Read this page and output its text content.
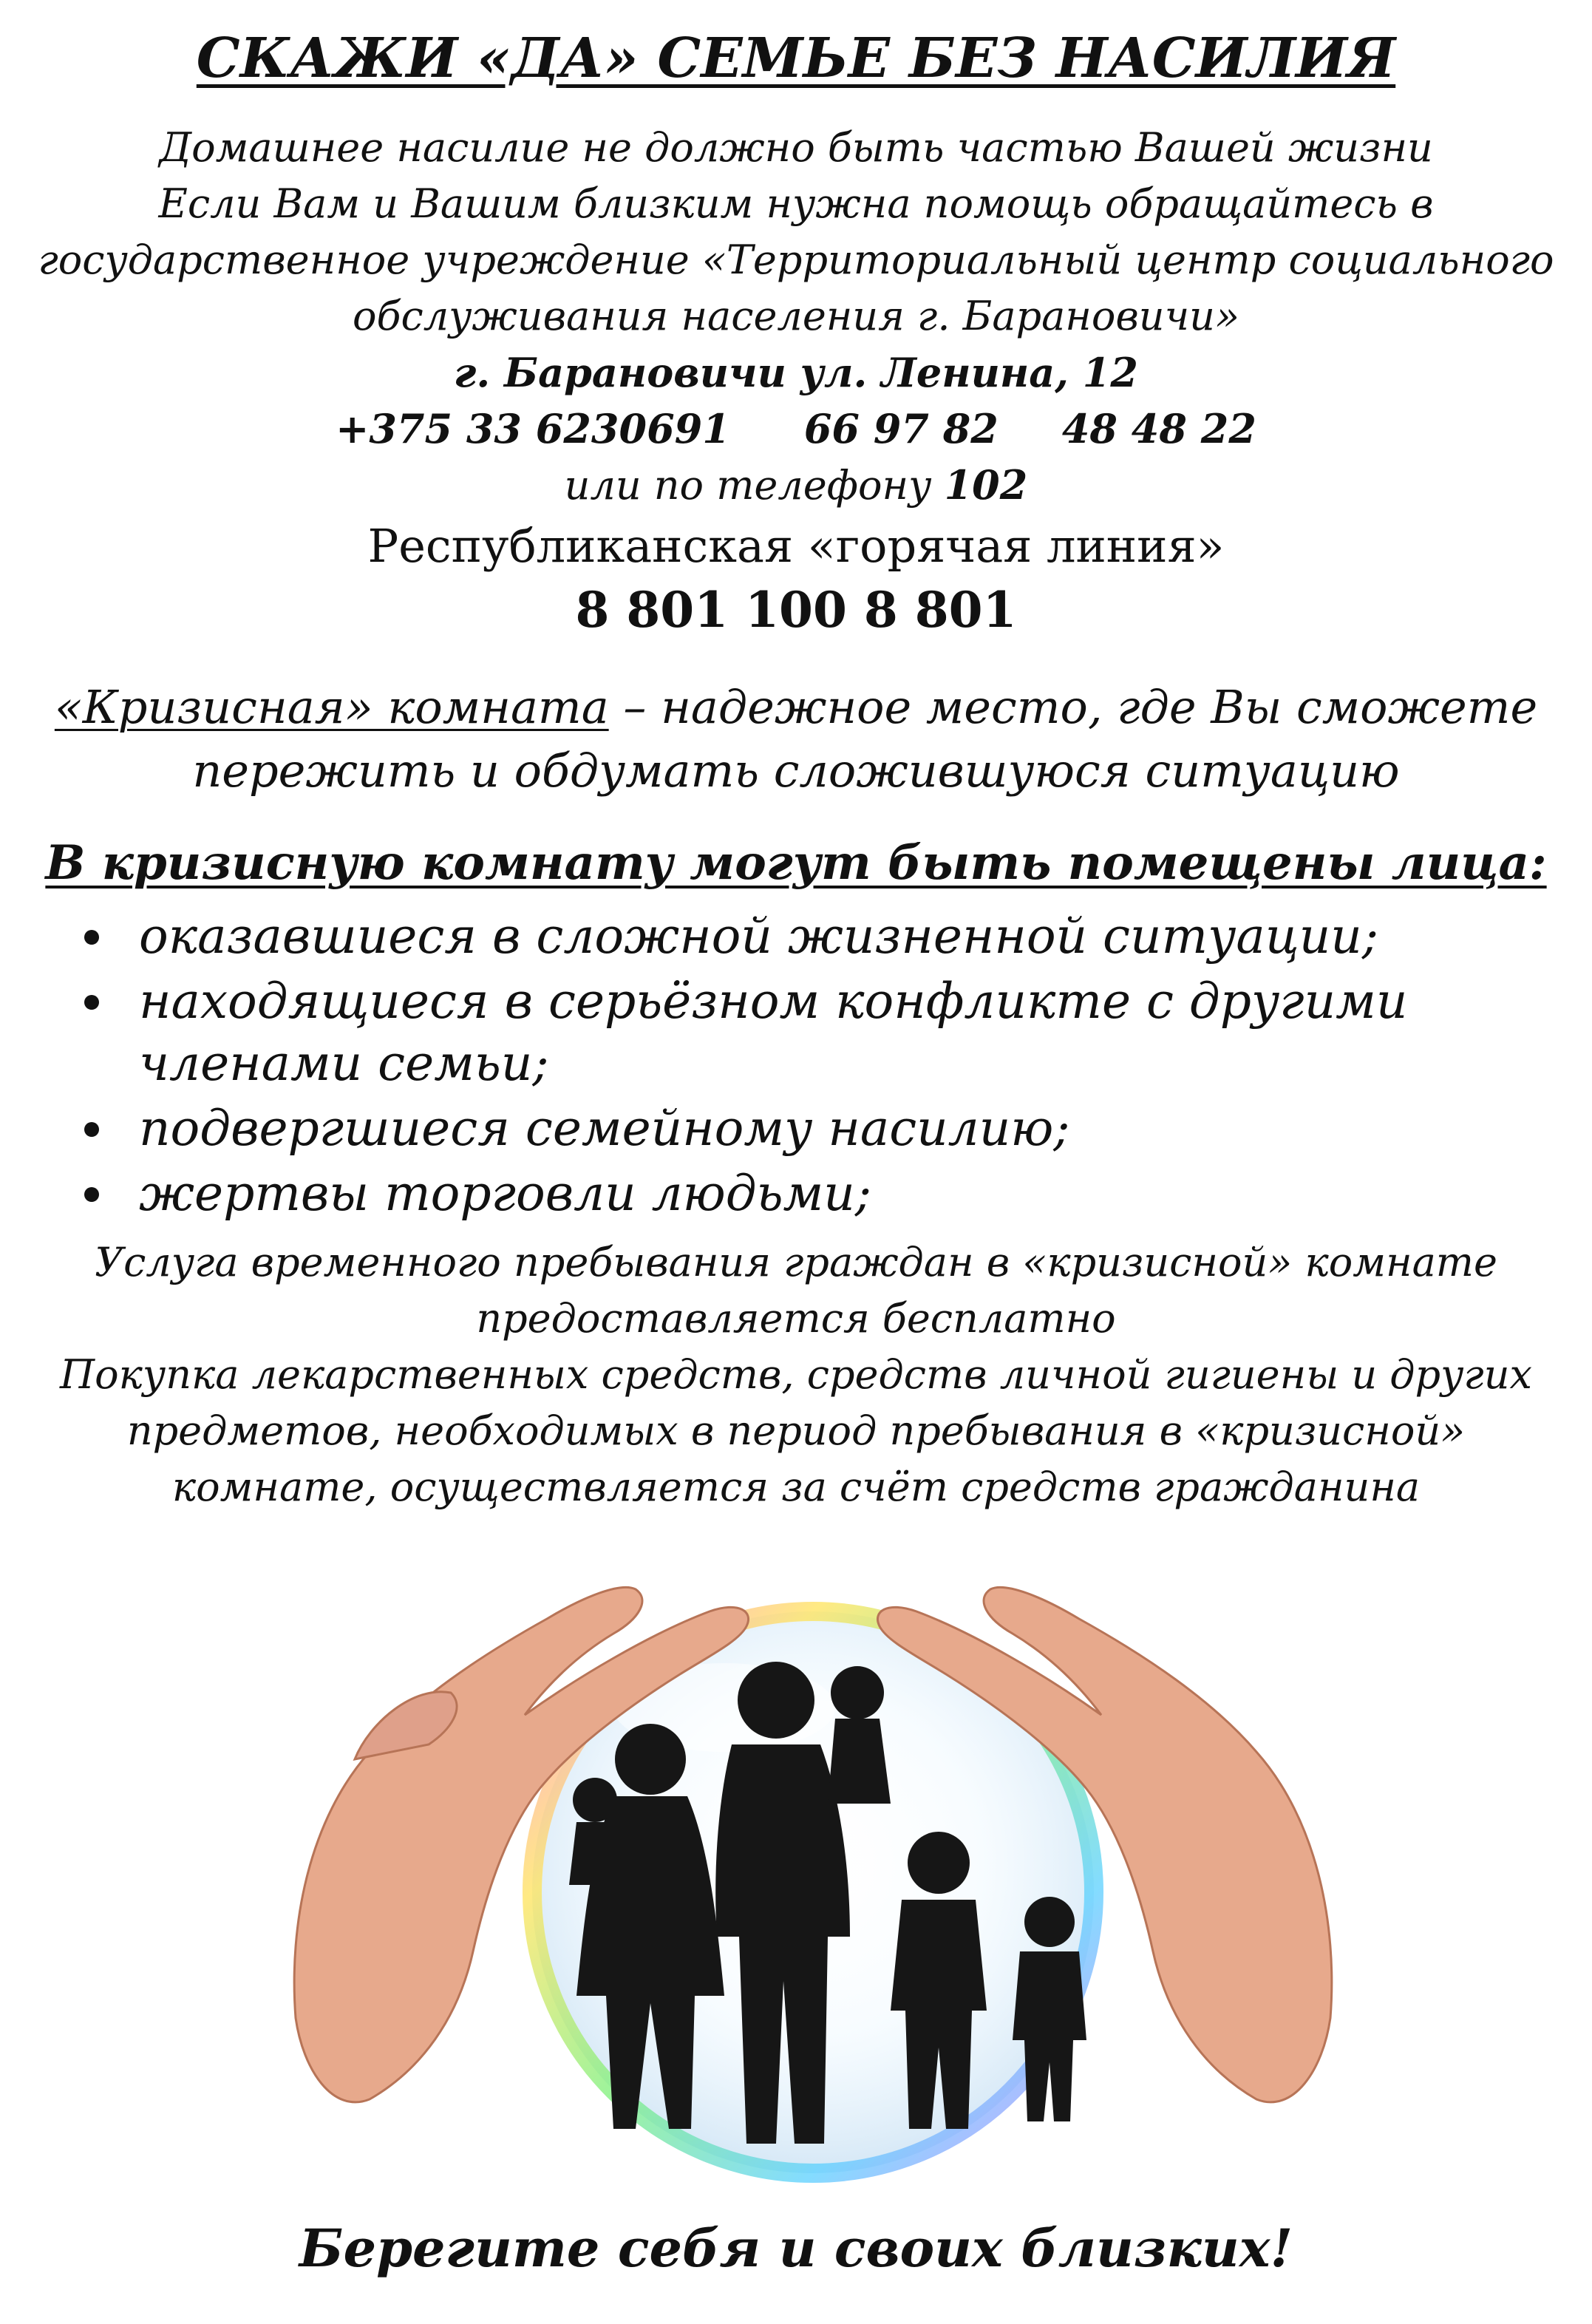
СКАЖИ «ДА» СЕМЬЕ БЕЗ НАСИЛИЯ
Домашнее насилие не должно быть частью Вашей жизни
Если Вам и Вашим близким нужна помощь обращайтесь в
государственное учреждение «Территориальный центр социального
обслуживания населения г. Барановичи»
г. Барановичи ул. Ленина, 12
+375 33 6230691 66 97 82 48 48 22
или по телефону 102
Республиканская «горячая линия»
8 801 100 8 801
«Кризисная» комната – надежное место, где Вы сможете
пережить и обдумать сложившуюся ситуацию
В кризисную комнату могут быть помещены лица:
оказавшиеся в сложной жизненной ситуации;
находящиеся в серьёзном конфликте с другими членами семьи;
подвергшиеся семейному насилию;
жертвы торговли людьми;
Услуга временного пребывания граждан в «кризисной» комнате
предоставляется бесплатно
Покупка лекарственных средств, средств личной гигиены и других
предметов, необходимых в период пребывания в «кризисной»
комнате, осуществляется за счёт средств гражданина
Берегите себя и своих близких!
